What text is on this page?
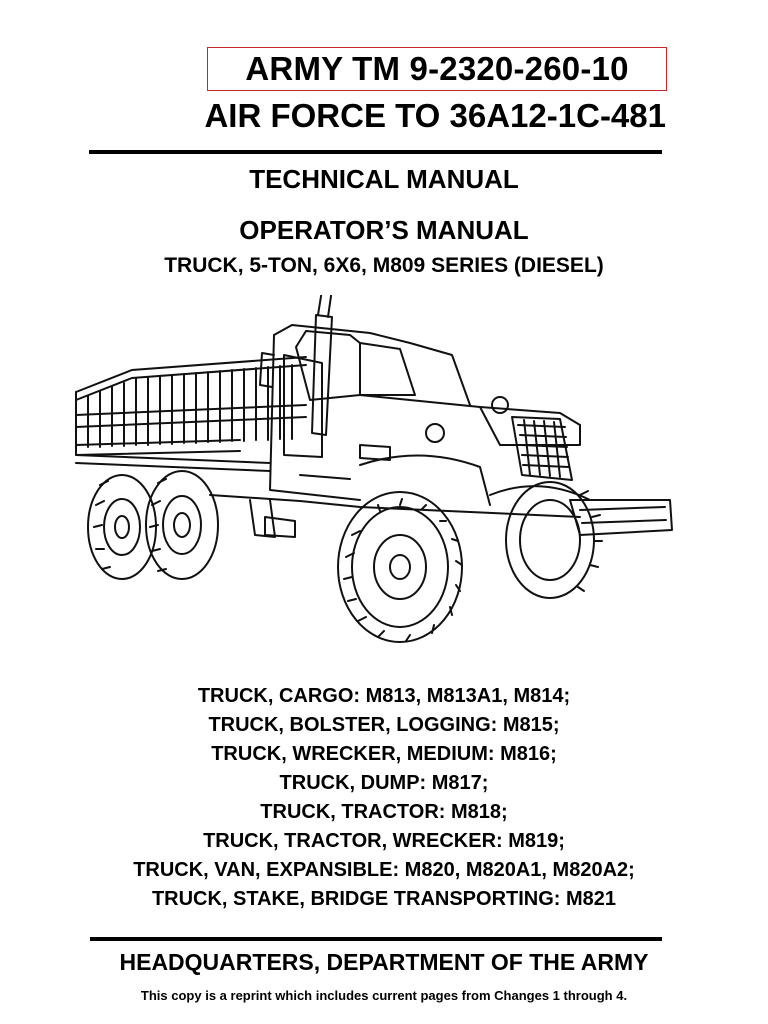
ARMY TM 9-2320-260-10
AIR FORCE TO 36A12-1C-481
TECHNICAL MANUAL
OPERATOR’S MANUAL
TRUCK, 5-TON, 6X6, M809 SERIES (DIESEL)
TRUCK, CARGO: M813, M813A1, M814;
TRUCK, BOLSTER, LOGGING: M815;
TRUCK, WRECKER, MEDIUM: M816;
TRUCK, DUMP: M817;
TRUCK, TRACTOR: M818;
TRUCK, TRACTOR, WRECKER: M819;
TRUCK, VAN, EXPANSIBLE: M820, M820A1, M820A2;
TRUCK, STAKE, BRIDGE TRANSPORTING: M821
HEADQUARTERS, DEPARTMENT OF THE ARMY
This copy is a reprint which includes current pages from Changes 1 through 4.
